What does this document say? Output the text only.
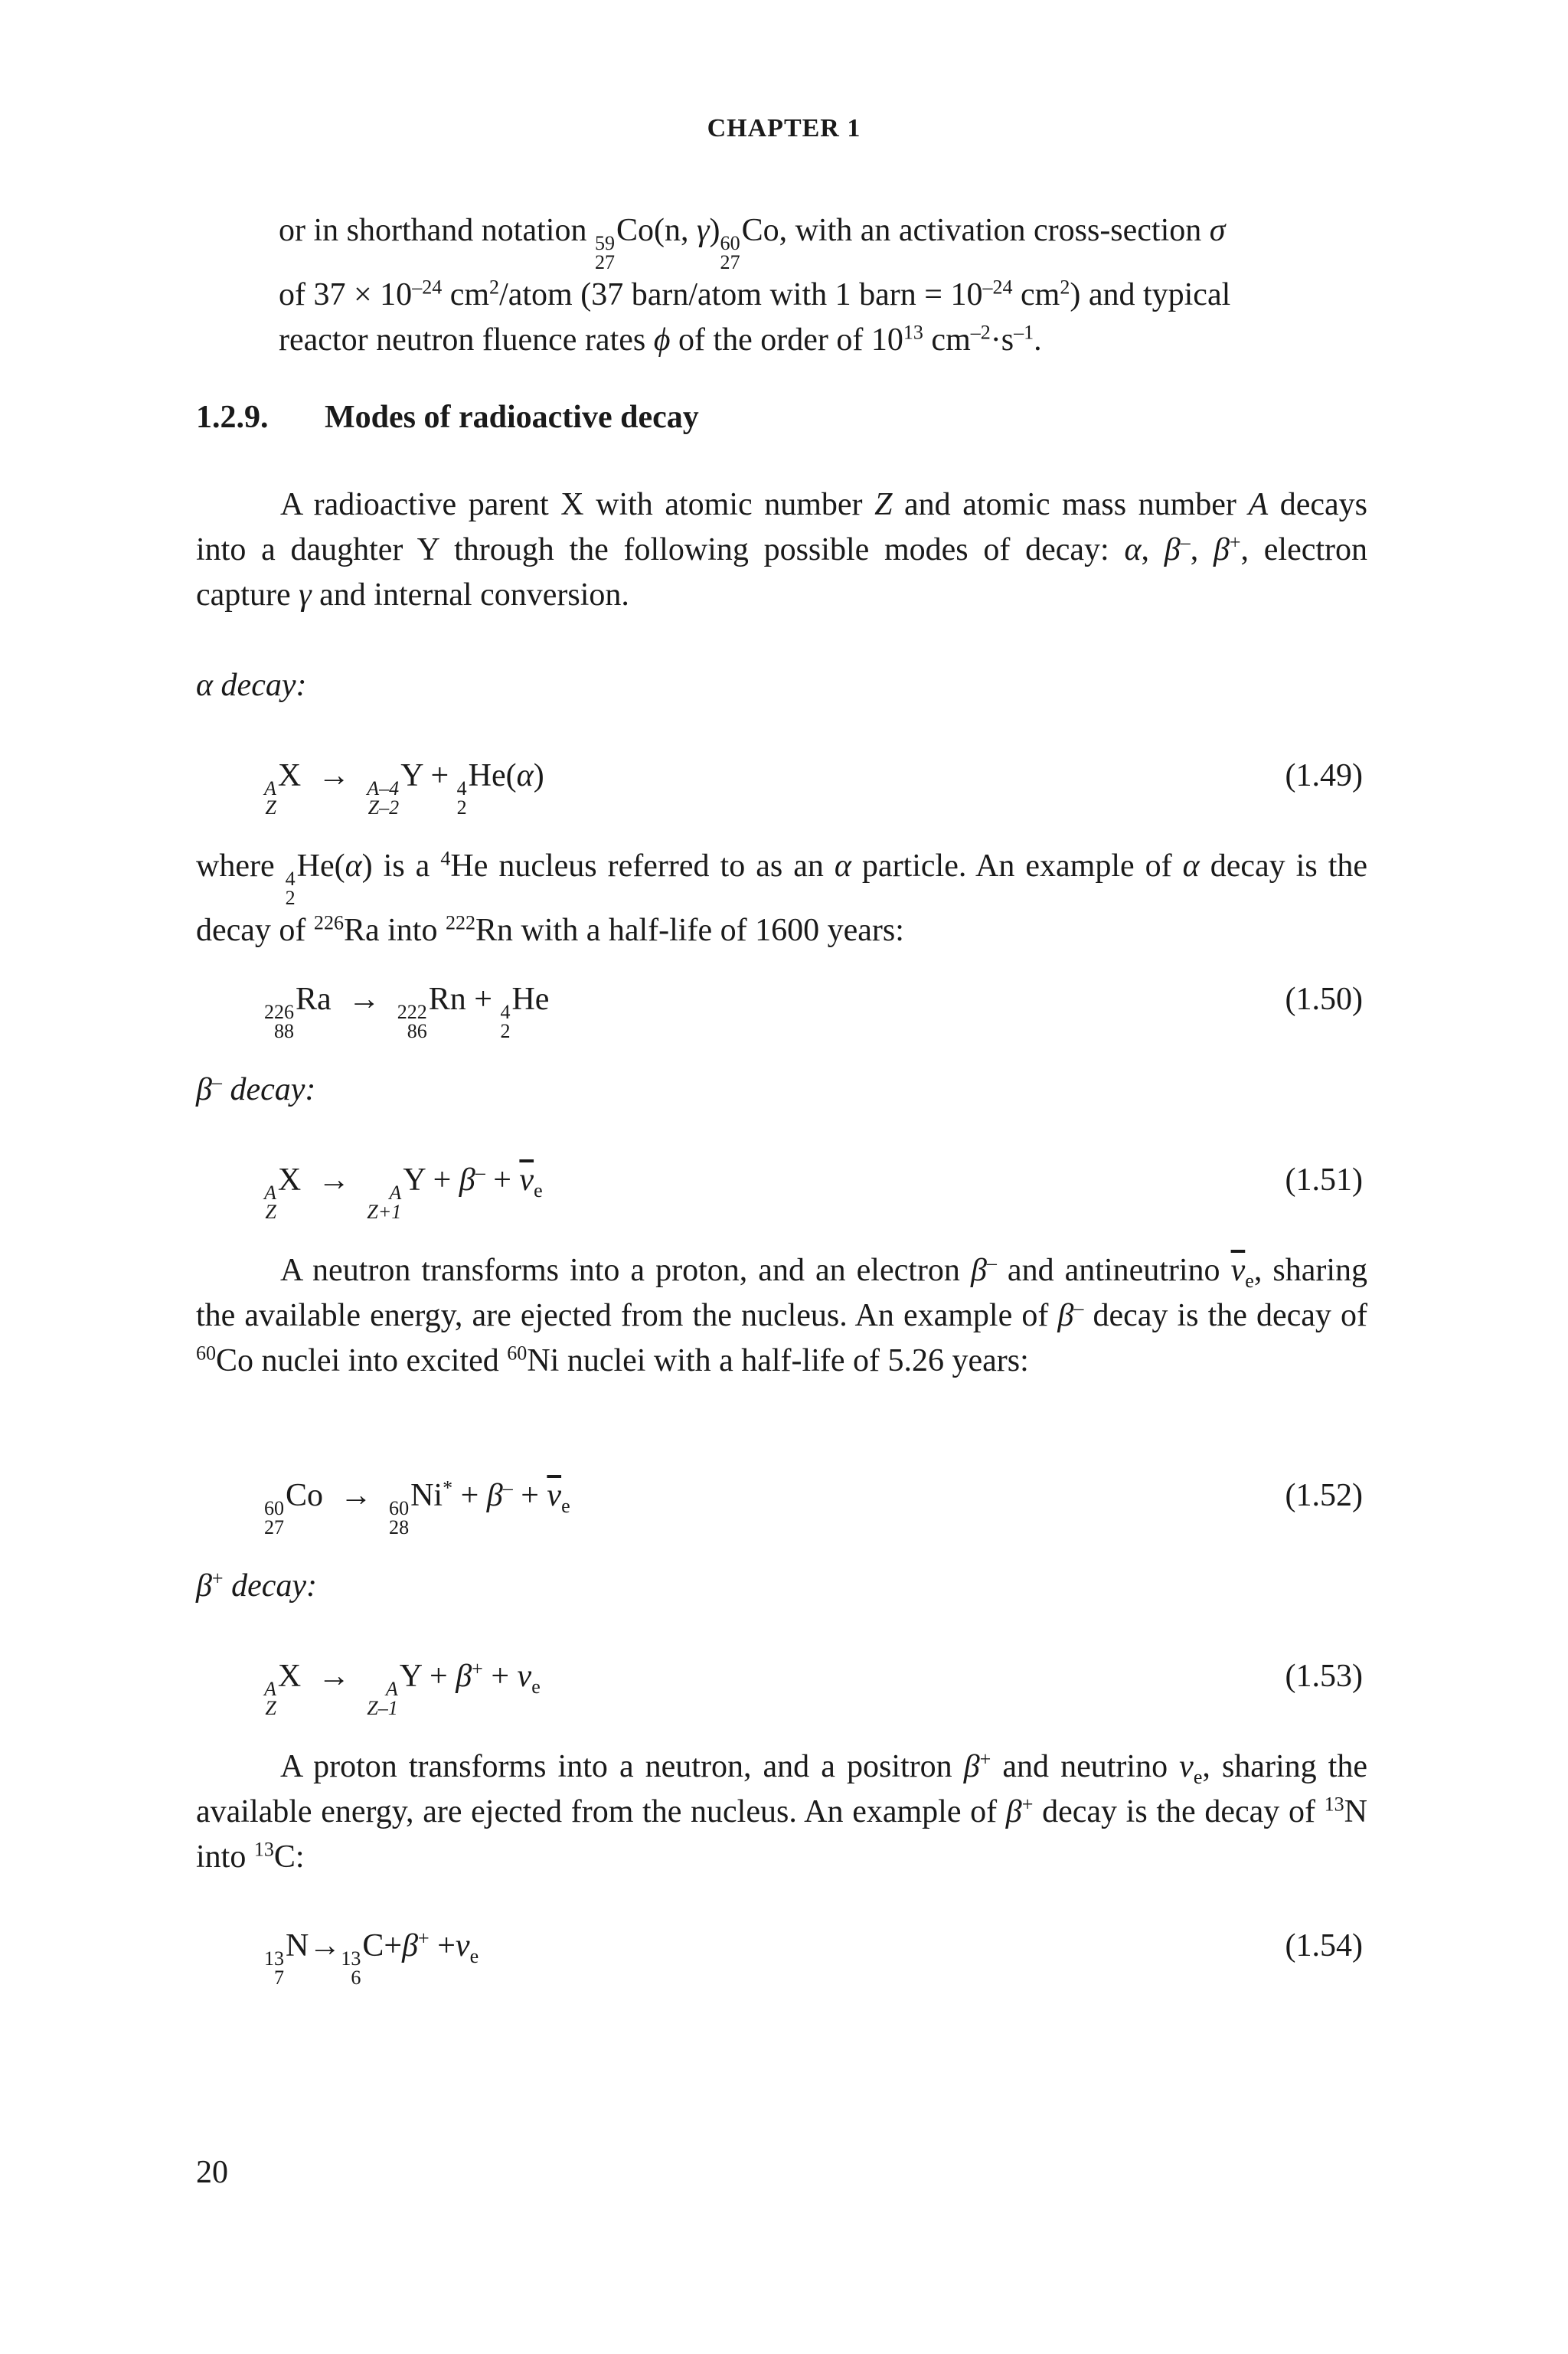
CHAPTER 1
or in shorthand notation 59
27
Co(n, γ) 60
27
Co, with an activation cross-section σ
of $37 \times 10^{-24}$ $cm^2$/atom (37 barn/atom with 1 barn = $10^{-24}$ $cm^2$) and typical
reactor neutron fluence rates ϕ of the order of $10^{13}$ $cm^{-2}\cdot s^{-1}$.
1.2.9. Modes of radioactive decay
A radioactive parent X with atomic number Z and atomic mass number A decays into a daughter Y through the following possible modes of decay: α, β–, β+, electron capture γ and internal conversion.
α decay:
A
Z
X → A–4
Z–2
Y + 4
2
He(α)	(1.49)
where 4
2
He(α) is a $^4$He nucleus referred to as an α particle. An example of α decay is the decay of $^{226}$Ra into $^{222}$Rn with a half-life of 1600 years:
226
88
Ra → 222
86
Rn + 4
2
He	(1.50)
β– decay:
A
Z
X → A
Z+1
$Y + \beta^- + \overline{\nu}_e$	(1.51)
A neutron transforms into a proton, and an electron β– and antineutrino $\overline{\nu}_e$, sharing the available energy, are ejected from the nucleus. An example of β– decay is the decay of $^{60}$Co nuclei into excited $^{60}$Ni nuclei with a half-life of 5.26 years:
60
27
Co → 60
28
$Ni^* + \beta^- + \overline{\nu}_e$	(1.52)
β+ decay:
A
Z
X → A
Z–1
$Y + \beta^+ + \nu_e$	(1.53)
A proton transforms into a neutron, and a positron β+ and neutrino $\nu_e$, sharing the available energy, are ejected from the nucleus. An example of β+ decay is the decay of $^{13}$N into $^{13}$C:
13
7
N→ 13
6
$C+\beta^+ +\nu_e$	(1.54)
20
